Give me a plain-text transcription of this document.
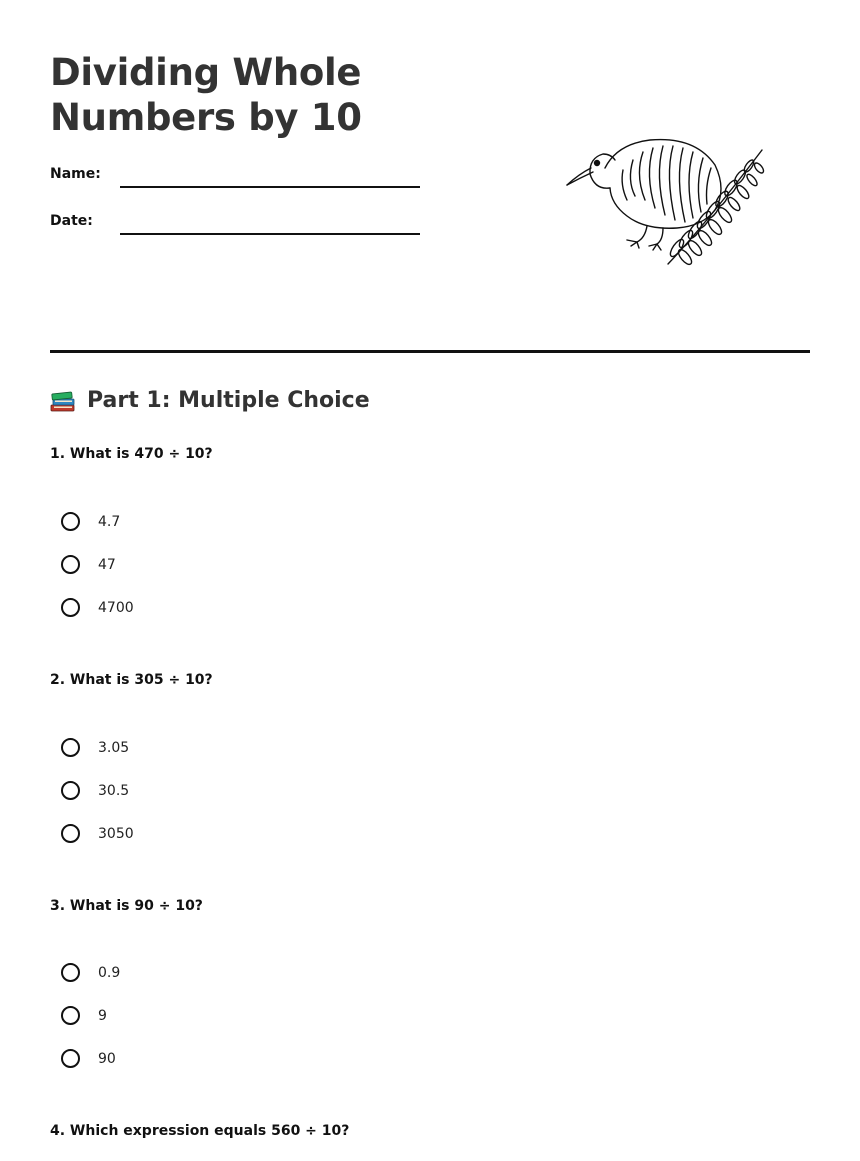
Dividing Whole Numbers by 10
Name:
Date:
Part 1: Multiple Choice
1. What is 470 ÷ 10?
4.7
47
4700
2. What is 305 ÷ 10?
3.05
30.5
3050
3. What is 90 ÷ 10?
0.9
9
90
4. Which expression equals 560 ÷ 10?
